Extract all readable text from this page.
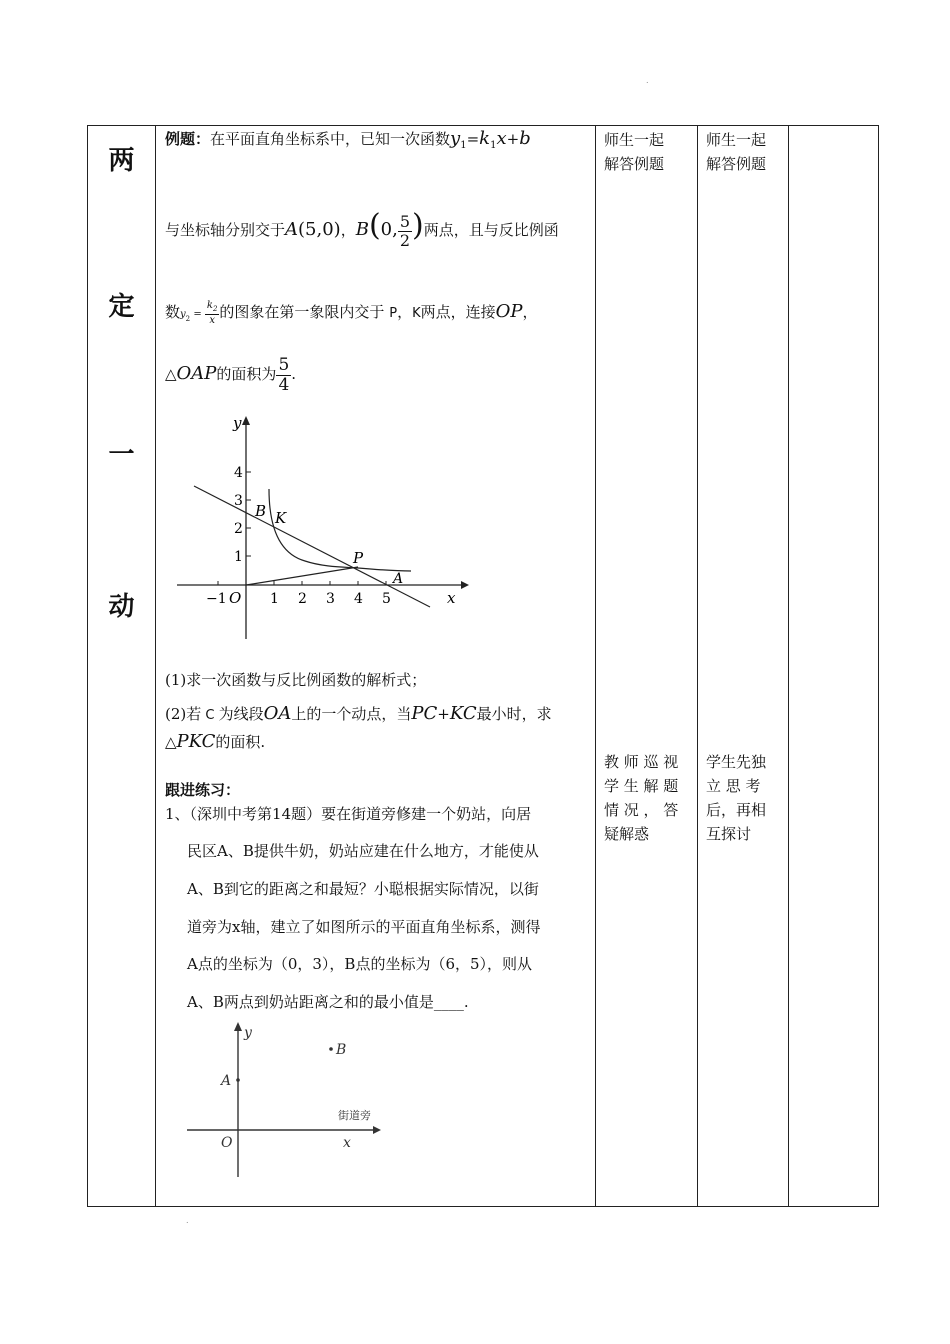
.
两
定
一
动
例题：在平面直角坐标系中，已知一次函数$y_1=k_1x+b$
与坐标轴分别交于A(5,0)，B(0, $\frac{5}{2}$ )两点，且与反比例函
数$y_2 = \frac{k_2}{x}$ 的图象在第一象限内交于 P，K两点，连接OP，
△OAP的面积为 $\frac{5}{4}$ .
y
x
O
−1	1 2 3 4 5
1
2
3
4
B K
P
A
(1)求一次函数与反比例函数的解析式；
(2)若 C 为线段OA上的一个动点，当PC+KC最小时，求
△PKC的面积.
跟进练习：
1、（深圳中考第14题）要在街道旁修建一个奶站，向居
民区A、B提供牛奶，奶站应建在什么地方，才能使从
A、B到它的距离之和最短？小聪根据实际情况，以街
道旁为x轴，建立了如图所示的平面直角坐标系，测得
A点的坐标为（0，3），B点的坐标为（6，5），则从
A、B两点到奶站距离之和的最小值是____.
y
x
O
A
B
街道旁
师生一起
解答例题
教 师 巡 视
学 生 解 题
情 况 ， 答
疑解惑
师生一起
解答例题
学生先独
立 思 考
后，再相
互探讨
.
